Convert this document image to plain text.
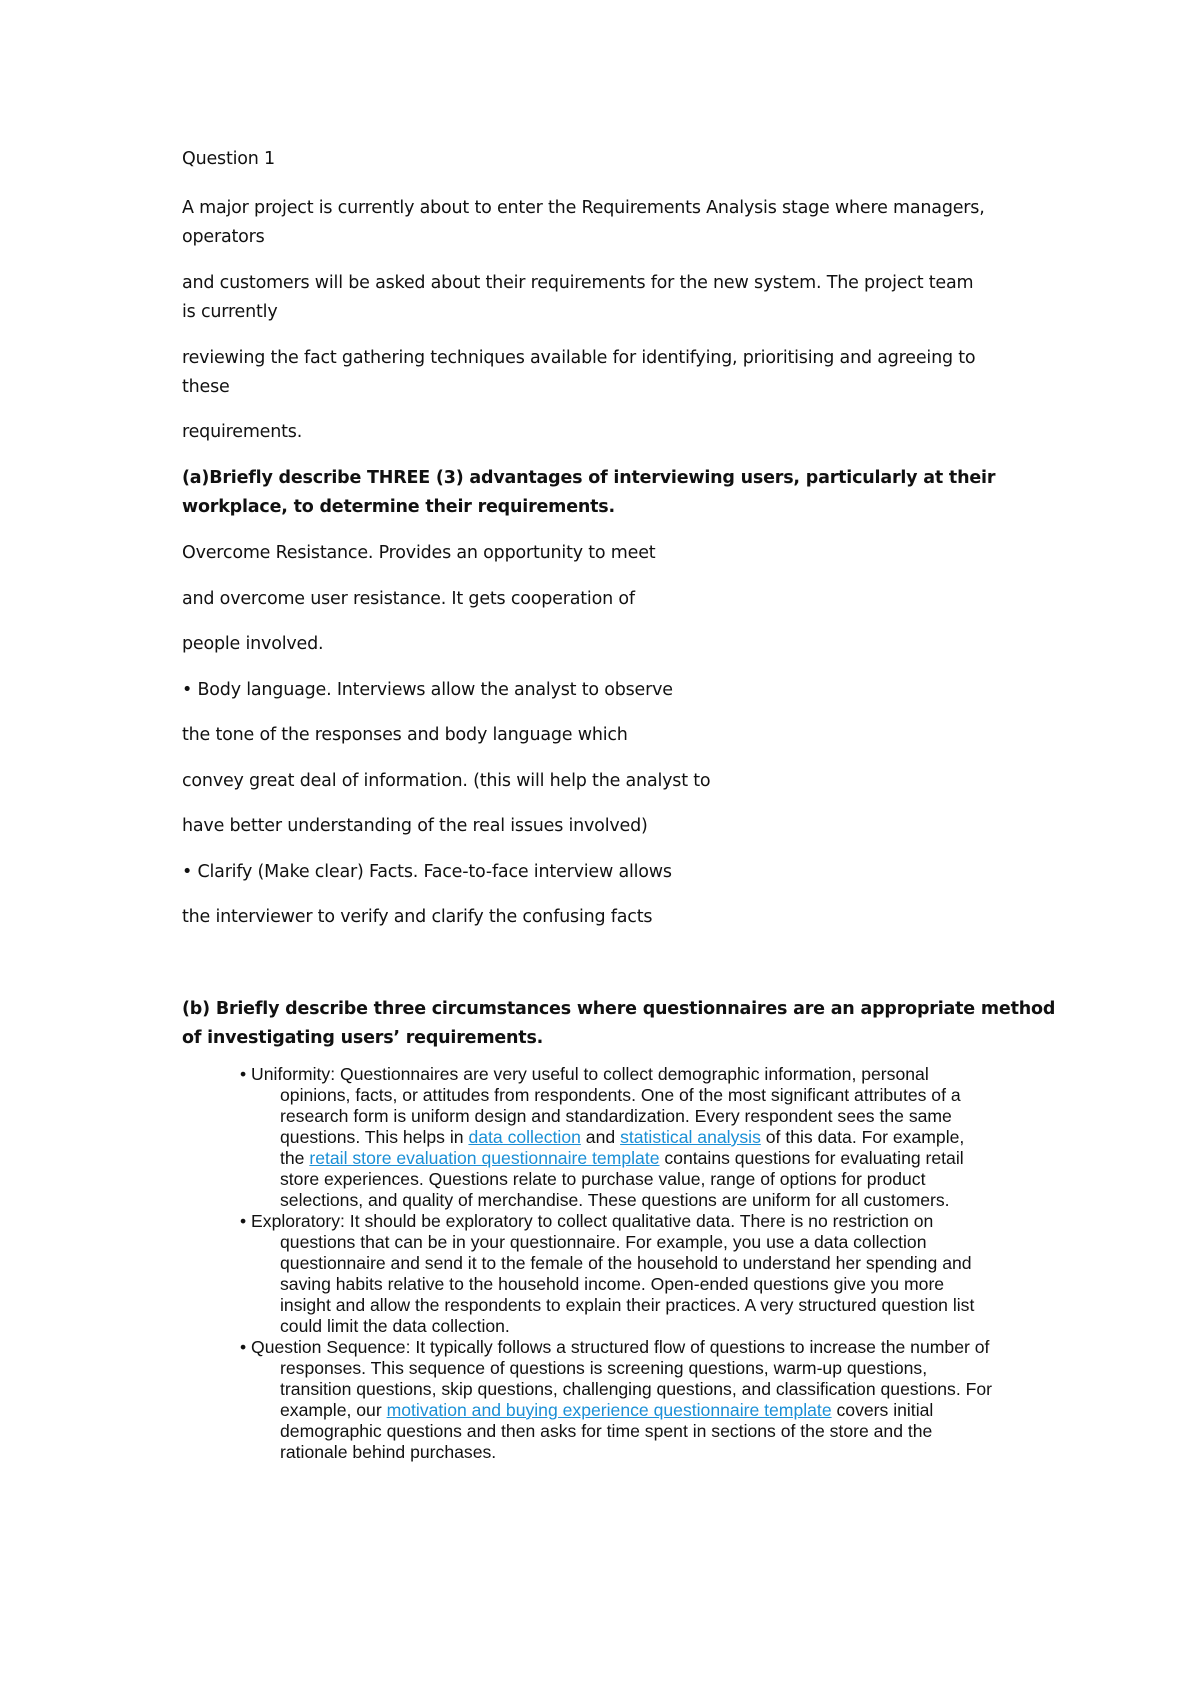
Question 1

A major project is currently about to enter the Requirements Analysis stage where managers,

operators

and customers will be asked about their requirements for the new system. The project team

is currently

reviewing the fact gathering techniques available for identifying, prioritising and agreeing to

these

requirements.

(a)Briefly describe THREE (3) advantages of interviewing users, particularly at their

workplace, to determine their requirements.

Overcome Resistance. Provides an opportunity to meet

and overcome user resistance. It gets cooperation of

people involved.

• Body language. Interviews allow the analyst to observe

the tone of the responses and body language which

convey great deal of information. (this will help the analyst to

have better understanding of the real issues involved)

• Clarify (Make clear) Facts. Face-to-face interview allows

the interviewer to verify and clarify the confusing facts

(b) Briefly describe three circumstances where questionnaires are an appropriate method

of investigating users’ requirements.

• Uniformity: Questionnaires are very useful to collect demographic information, personal
opinions, facts, or attitudes from respondents. One of the most significant attributes of a
research form is uniform design and standardization. Every respondent sees the same
questions. This helps in data collection and statistical analysis of this data. For example,
the retail store evaluation questionnaire template contains questions for evaluating retail
store experiences. Questions relate to purchase value, range of options for product
selections, and quality of merchandise. These questions are uniform for all customers.
• Exploratory: It should be exploratory to collect qualitative data. There is no restriction on
questions that can be in your questionnaire. For example, you use a data collection
questionnaire and send it to the female of the household to understand her spending and
saving habits relative to the household income. Open-ended questions give you more
insight and allow the respondents to explain their practices. A very structured question list
could limit the data collection.
• Question Sequence: It typically follows a structured flow of questions to increase the number of
responses. This sequence of questions is screening questions, warm-up questions,
transition questions, skip questions, challenging questions, and classification questions. For
example, our motivation and buying experience questionnaire template covers initial
demographic questions and then asks for time spent in sections of the store and the
rationale behind purchases.
